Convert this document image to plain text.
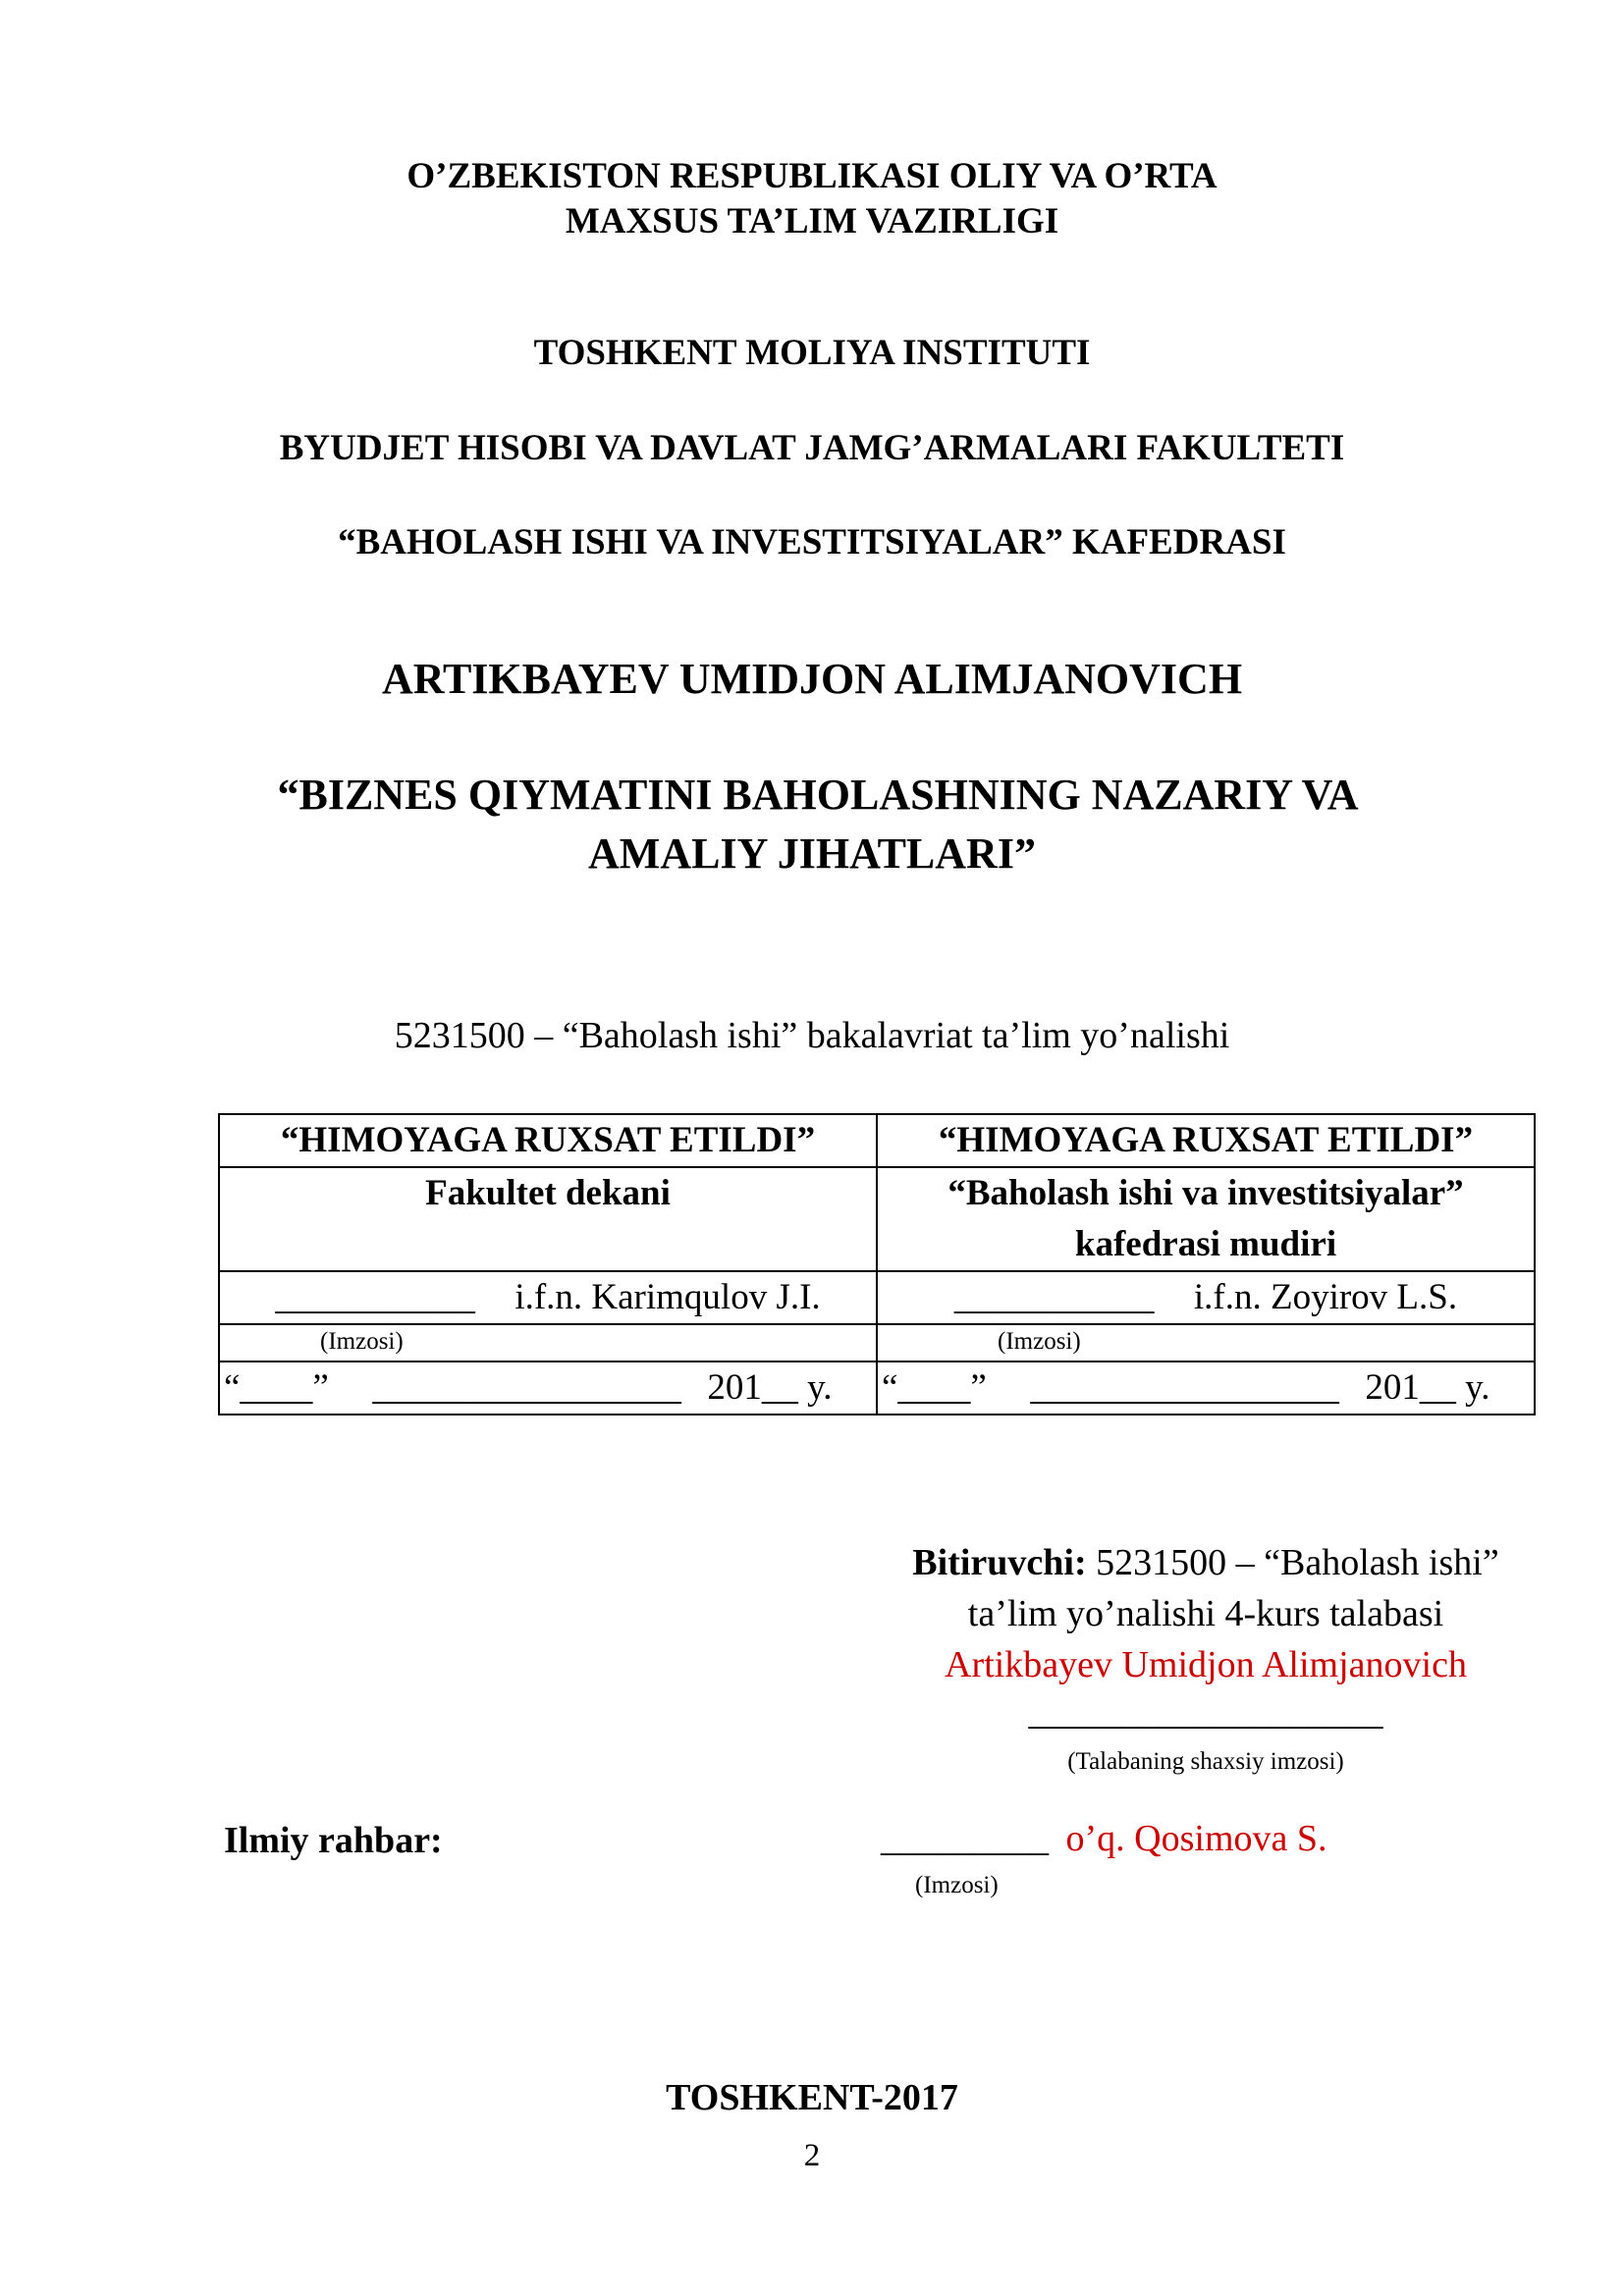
O’ZBEKISTON RESPUBLIKASI OLIY VA O’RTA
MAXSUS TA’LIM VAZIRLIGI
TOSHKENT MOLIYA INSTITUTI
BYUDJET HISOBI VA DAVLAT JAMG’ARMALARI FAKULTETI
“BAHOLASH ISHI VA INVESTITSIYALAR” KAFEDRASI
ARTIKBAYEV UMIDJON ALIMJANOVICH
“BIZNES QIYMATINI BAHOLASHNING NAZARIY VA
AMALIY JIHATLARI”
5231500 – “Baholash ishi” bakalavriat ta’lim yo’nalishi
“HIMOYAGA RUXSAT ETILDI”	“HIMOYAGA RUXSAT ETILDI”
Fakultet dekani	“Baholash ishi va investitsiyalar”
kafedrasi mudiri

___________ i.f.n. Karimqulov J.I.	___________ i.f.n. Zoyirov L.S.
(Imzosi)	(Imzosi)
“____” _________________ 201__ y.	“____” _________________ 201__ y.
Bitiruvchi: 5231500 – “Baholash ishi”
ta’lim yo’nalishi 4-kurs talabasi
Artikbayev Umidjon Alimjanovich
___________________
(Talabaning shaxsiy imzosi)
Ilmiy rahbar:	_________ o’q. Qosimova S.
(Imzosi)
TOSHKENT-2017
2
